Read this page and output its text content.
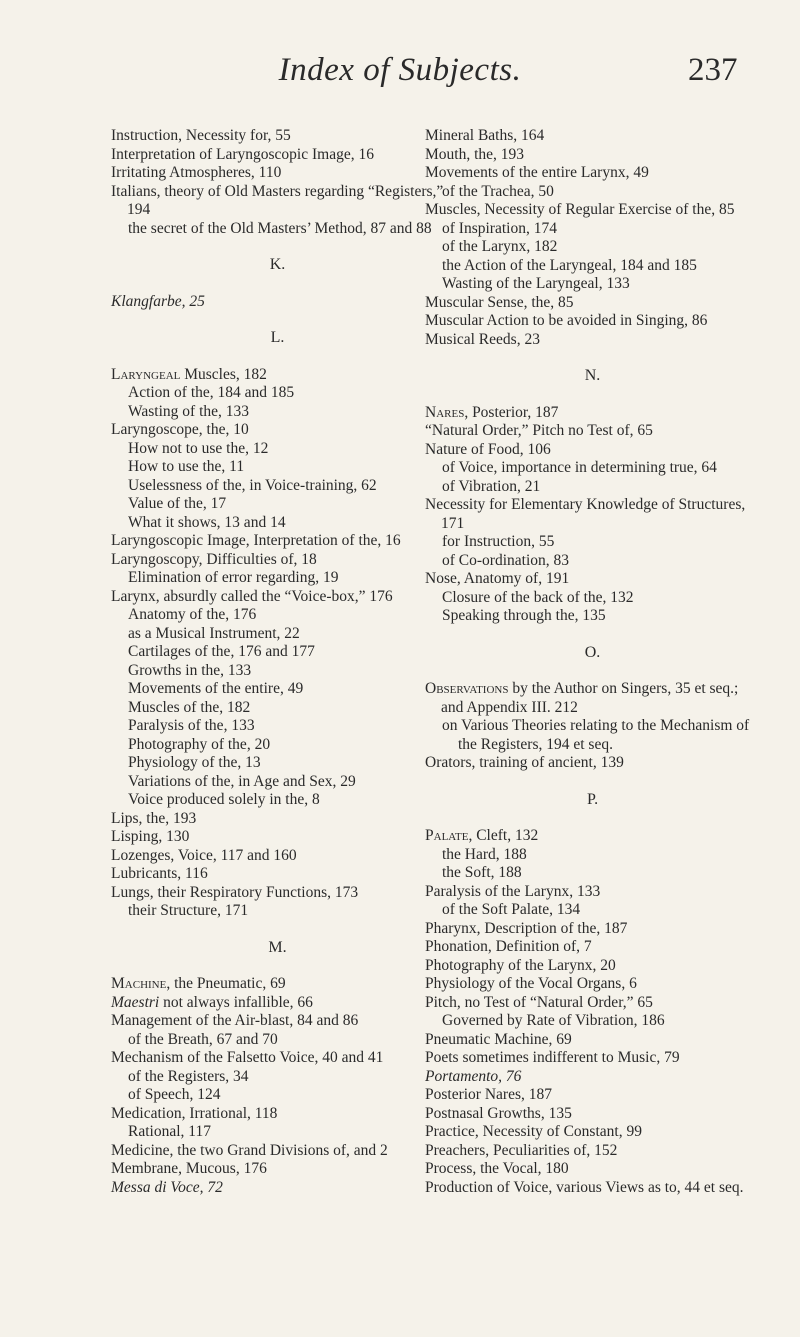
Index of Subjects.	237
Instruction, Necessity for, 55
Interpretation of Laryngoscopic Image, 16
Irritating Atmospheres, 110
Italians, theory of Old Masters regarding “Registers,” 194
the secret of the Old Masters’ Method, 87 and 88
K.
Klangfarbe, 25
L.
Laryngeal Muscles, 182
Action of the, 184 and 185
Wasting of the, 133
Laryngoscope, the, 10
How not to use the, 12
How to use the, 11
Uselessness of the, in Voice-training, 62
Value of the, 17
What it shows, 13 and 14
Laryngoscopic Image, Interpretation of the, 16
Laryngoscopy, Difficulties of, 18
Elimination of error regarding, 19
Larynx, absurdly called the “Voice-box,” 176
Anatomy of the, 176
as a Musical Instrument, 22
Cartilages of the, 176 and 177
Growths in the, 133
Movements of the entire, 49
Muscles of the, 182
Paralysis of the, 133
Photography of the, 20
Physiology of the, 13
Variations of the, in Age and Sex, 29
Voice produced solely in the, 8
Lips, the, 193
Lisping, 130
Lozenges, Voice, 117 and 160
Lubricants, 116
Lungs, their Respiratory Functions, 173
their Structure, 171
M.
Machine, the Pneumatic, 69
Maestri not always infallible, 66
Management of the Air-blast, 84 and 86
of the Breath, 67 and 70
Mechanism of the Falsetto Voice, 40 and 41
of the Registers, 34
of Speech, 124
Medication, Irrational, 118
Rational, 117
Medicine, the two Grand Divisions of, and 2
Membrane, Mucous, 176
Messa di Voce, 72
Mineral Baths, 164
Mouth, the, 193
Movements of the entire Larynx, 49
of the Trachea, 50
Muscles, Necessity of Regular Exercise of the, 85
of Inspiration, 174
of the Larynx, 182
the Action of the Laryngeal, 184 and 185
Wasting of the Laryngeal, 133
Muscular Sense, the, 85
Muscular Action to be avoided in Singing, 86
Musical Reeds, 23
N.
Nares, Posterior, 187
“Natural Order,” Pitch no Test of, 65
Nature of Food, 106
of Voice, importance in determining true, 64
of Vibration, 21
Necessity for Elementary Knowledge of Structures, 171
for Instruction, 55
of Co-ordination, 83
Nose, Anatomy of, 191
Closure of the back of the, 132
Speaking through the, 135
O.
Observations by the Author on Singers, 35 et seq.; and Appendix III. 212
on Various Theories relating to the Mechanism of the Registers, 194 et seq.
Orators, training of ancient, 139
P.
Palate, Cleft, 132
the Hard, 188
the Soft, 188
Paralysis of the Larynx, 133
of the Soft Palate, 134
Pharynx, Description of the, 187
Phonation, Definition of, 7
Photography of the Larynx, 20
Physiology of the Vocal Organs, 6
Pitch, no Test of “Natural Order,” 65
Governed by Rate of Vibration, 186
Pneumatic Machine, 69
Poets sometimes indifferent to Music, 79
Portamento, 76
Posterior Nares, 187
Postnasal Growths, 135
Practice, Necessity of Constant, 99
Preachers, Peculiarities of, 152
Process, the Vocal, 180
Production of Voice, various Views as to, 44 et seq.
